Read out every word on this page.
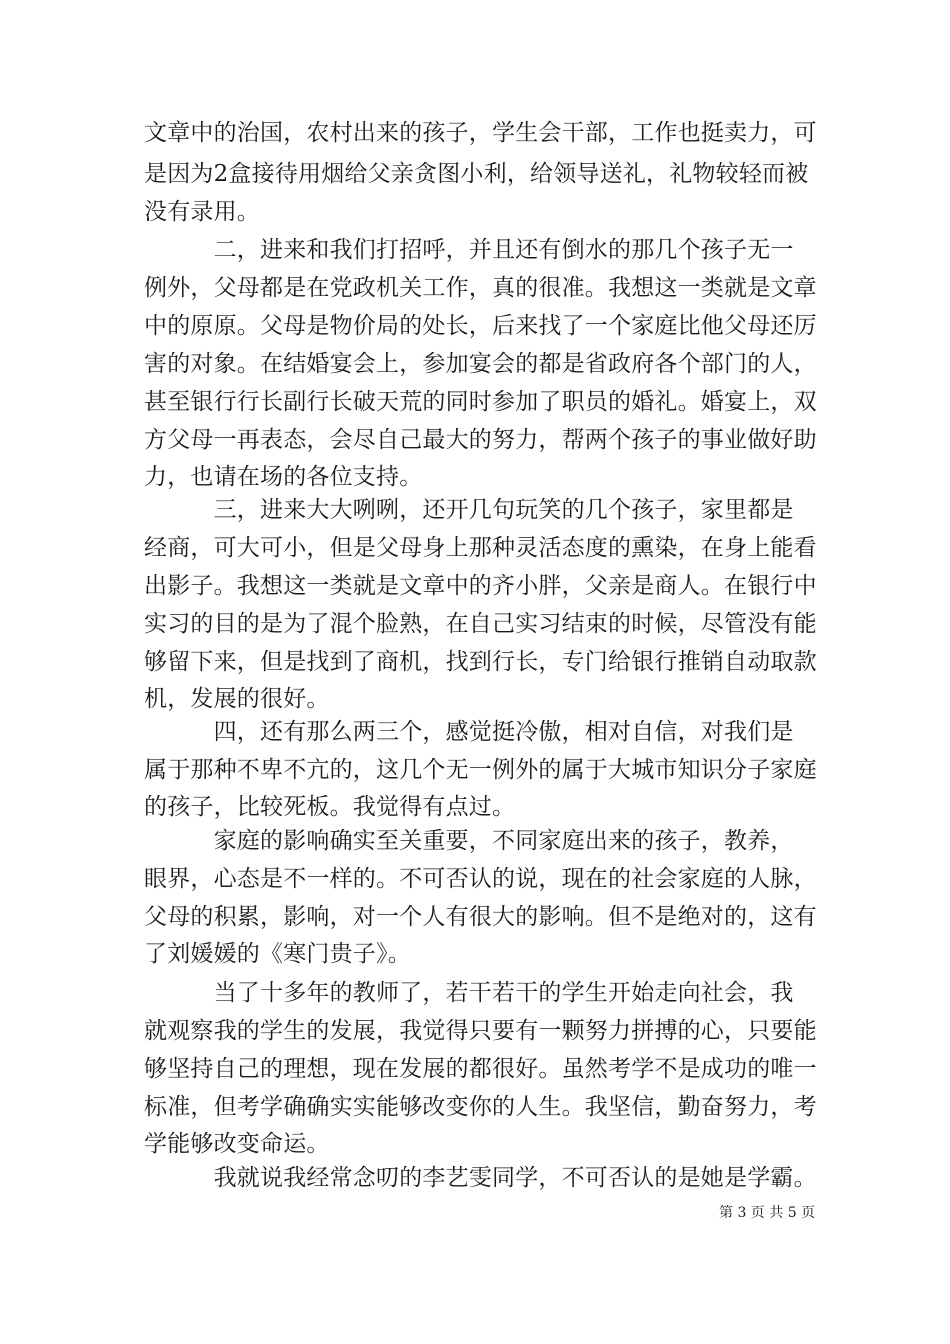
文章中的治国，农村出来的孩子，学生会干部，工作也挺卖力，可
是因为2盒接待用烟给父亲贪图小利，给领导送礼，礼物较轻而被
没有录用。
　　　二，进来和我们打招呼，并且还有倒水的那几个孩子无一
例外，父母都是在党政机关工作，真的很准。我想这一类就是文章
中的原原。父母是物价局的处长，后来找了一个家庭比他父母还厉
害的对象。在结婚宴会上，参加宴会的都是省政府各个部门的人，
甚至银行行长副行长破天荒的同时参加了职员的婚礼。婚宴上，双
方父母一再表态，会尽自己最大的努力，帮两个孩子的事业做好助
力，也请在场的各位支持。
　　　三，进来大大咧咧，还开几句玩笑的几个孩子，家里都是
经商，可大可小，但是父母身上那种灵活态度的熏染，在身上能看
出影子。我想这一类就是文章中的齐小胖，父亲是商人。在银行中
实习的目的是为了混个脸熟，在自己实习结束的时候，尽管没有能
够留下来，但是找到了商机，找到行长，专门给银行推销自动取款
机，发展的很好。
　　　四，还有那么两三个，感觉挺冷傲，相对自信，对我们是
属于那种不卑不亢的，这几个无一例外的属于大城市知识分子家庭
的孩子，比较死板。我觉得有点过。
　　　家庭的影响确实至关重要，不同家庭出来的孩子，教养，
眼界，心态是不一样的。不可否认的说，现在的社会家庭的人脉，
父母的积累，影响，对一个人有很大的影响。但不是绝对的，这有
了刘媛媛的《寒门贵子》。
　　　当了十多年的教师了，若干若干的学生开始走向社会，我
就观察我的学生的发展，我觉得只要有一颗努力拼搏的心，只要能
够坚持自己的理想，现在发展的都很好。虽然考学不是成功的唯一
标准，但考学确确实实能够改变你的人生。我坚信，勤奋努力，考
学能够改变命运。
　　　我就说我经常念叨的李艺雯同学，不可否认的是她是学霸。
第 3 页 共 5 页
